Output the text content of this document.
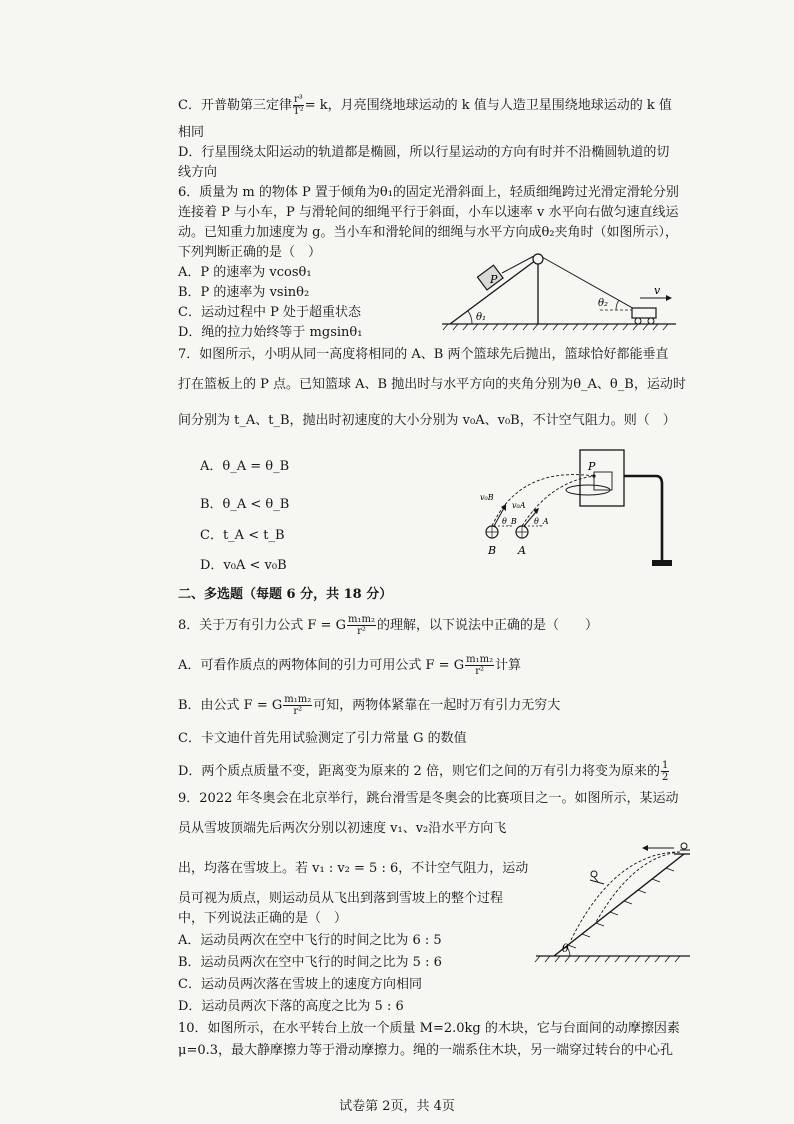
C．开普勒第三定律 $\frac{\text{r³}}{\text{T²}} = k$，月亮围绕地球运动的 k 值与人造卫星围绕地球运动的 k 值
相同
D．行星围绕太阳运动的轨道都是椭圆，所以行星运动的方向有时并不沿椭圆轨道的切
线方向
6．质量为 m 的物体 P 置于倾角为θ₁的固定光滑斜面上，轻质细绳跨过光滑定滑轮分别
连接着 P 与小车，P 与滑轮间的细绳平行于斜面，小车以速率 v 水平向右做匀速直线运
动。已知重力加速度为 g。当小车和滑轮间的细绳与水平方向成θ₂夹角时（如图所示），
下列判断正确的是（　）
A．P 的速率为 vcosθ₁
B．P 的速率为 vsinθ₂
C．运动过程中 P 处于超重状态
D．绳的拉力始终等于 mgsinθ₁
P
v
θ₂
θ₁
7．如图所示，小明从同一高度将相同的 A、B 两个篮球先后抛出，篮球恰好都能垂直
打在篮板上的 P 点。已知篮球 A、B 抛出时与水平方向的夹角分别为θ_A、θ_B，运动时
间分别为 t_A、t_B，抛出时初速度的大小分别为 v₀A、v₀B，不计空气阻力。则（　）
A．θ_A = θ_B
B．θ_A < θ_B
C．t_A < t_B
D．v₀A < v₀B
P
v₀B
v₀A
θ_B θ_A
B A
二、多选题（每题 6 分，共 18 分）
8．关于万有引力公式 F = G $\frac{\text{m₁m₂}}{\text{r²}}$ 的理解，以下说法中正确的是（　　）
A．可看作质点的两物体间的引力可用公式 F = G $\frac{\text{m₁m₂}}{\text{r²}}$ 计算
B．由公式 F = G $\frac{\text{m₁m₂}}{\text{r²}}$ 可知，两物体紧靠在一起时万有引力无穷大
C．卡文迪什首先用试验测定了引力常量 G 的数值
D．两个质点质量不变，距离变为原来的 2 倍，则它们之间的万有引力将变为原来的 $\frac{1}{2}$
9．2022 年冬奥会在北京举行，跳台滑雪是冬奥会的比赛项目之一。如图所示，某运动
员从雪坡顶端先后两次分别以初速度 v₁、v₂沿水平方向飞
出，均落在雪坡上。若 v₁ : v₂ = 5 : 6，不计空气阻力，运动
员可视为质点，则运动员从飞出到落到雪坡上的整个过程
中，下列说法正确的是（　）
A．运动员两次在空中飞行的时间之比为 6 : 5
B．运动员两次在空中飞行的时间之比为 5 : 6
C．运动员两次落在雪坡上的速度方向相同
D．运动员两次下落的高度之比为 5 : 6
θ
10．如图所示，在水平转台上放一个质量 M=2.0kg 的木块，它与台面间的动摩擦因素
μ=0.3，最大静摩擦力等于滑动摩擦力。绳的一端系住木块，另一端穿过转台的中心孔
试卷第 2页，共 4页
